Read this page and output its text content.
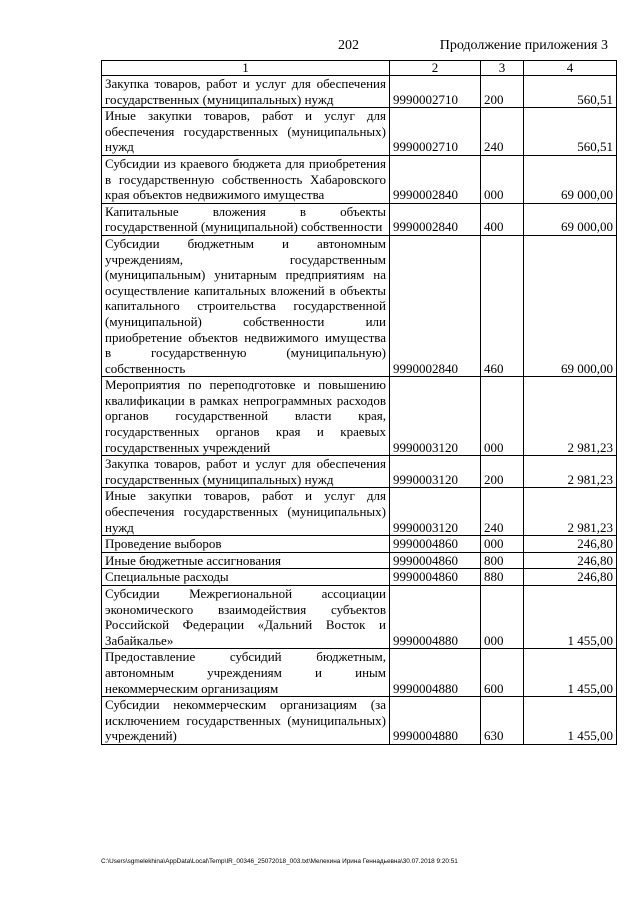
202	Продолжение приложения 3
1	2	3	4
Закупка товаров, работ и услуг для обеспечения государственных (муниципальных) нужд	9990002710	200	560,51
Иные закупки товаров, работ и услуг для обеспечения государственных (муниципальных) нужд	9990002710	240	560,51
Субсидии из краевого бюджета для приобретения в государственную собственность Хабаровского края объектов недвижимого имущества	9990002840	000	69 000,00
Капитальные вложения в объекты государственной (муниципальной) собственности	9990002840	400	69 000,00
Субсидии бюджетным и автономным учреждениям, государственным (муниципальным) унитарным предприятиям на осуществление капитальных вложений в объекты капитального строительства государственной (муниципальной) собственности или приобретение объектов недвижимого имущества в государственную (муниципальную) собственность	9990002840	460	69 000,00
Мероприятия по переподготовке и повышению квалификации в рамках непрограммных расходов органов государственной власти края, государственных органов края и краевых государственных учреждений	9990003120	000	2 981,23
Закупка товаров, работ и услуг для обеспечения государственных (муниципальных) нужд	9990003120	200	2 981,23
Иные закупки товаров, работ и услуг для обеспечения государственных (муниципальных) нужд	9990003120	240	2 981,23
Проведение выборов	9990004860	000	246,80
Иные бюджетные ассигнования	9990004860	800	246,80
Специальные расходы	9990004860	880	246,80
Субсидии Межрегиональной ассоциации экономического взаимодействия субъектов Российской Федерации «Дальний Восток и Забайкалье»	9990004880	000	1 455,00
Предоставление субсидий бюджетным, автономным учреждениям и иным некоммерческим организациям	9990004880	600	1 455,00
Субсидии некоммерческим организациям (за исключением государственных (муниципальных) учреждений)	9990004880	630	1 455,00
C:\Users\sgmelekhina\AppData\Local\Temp\IR_00346_25072018_003.txt\Мелехина Ирина Геннадьевна\30.07.2018 9:20:51
